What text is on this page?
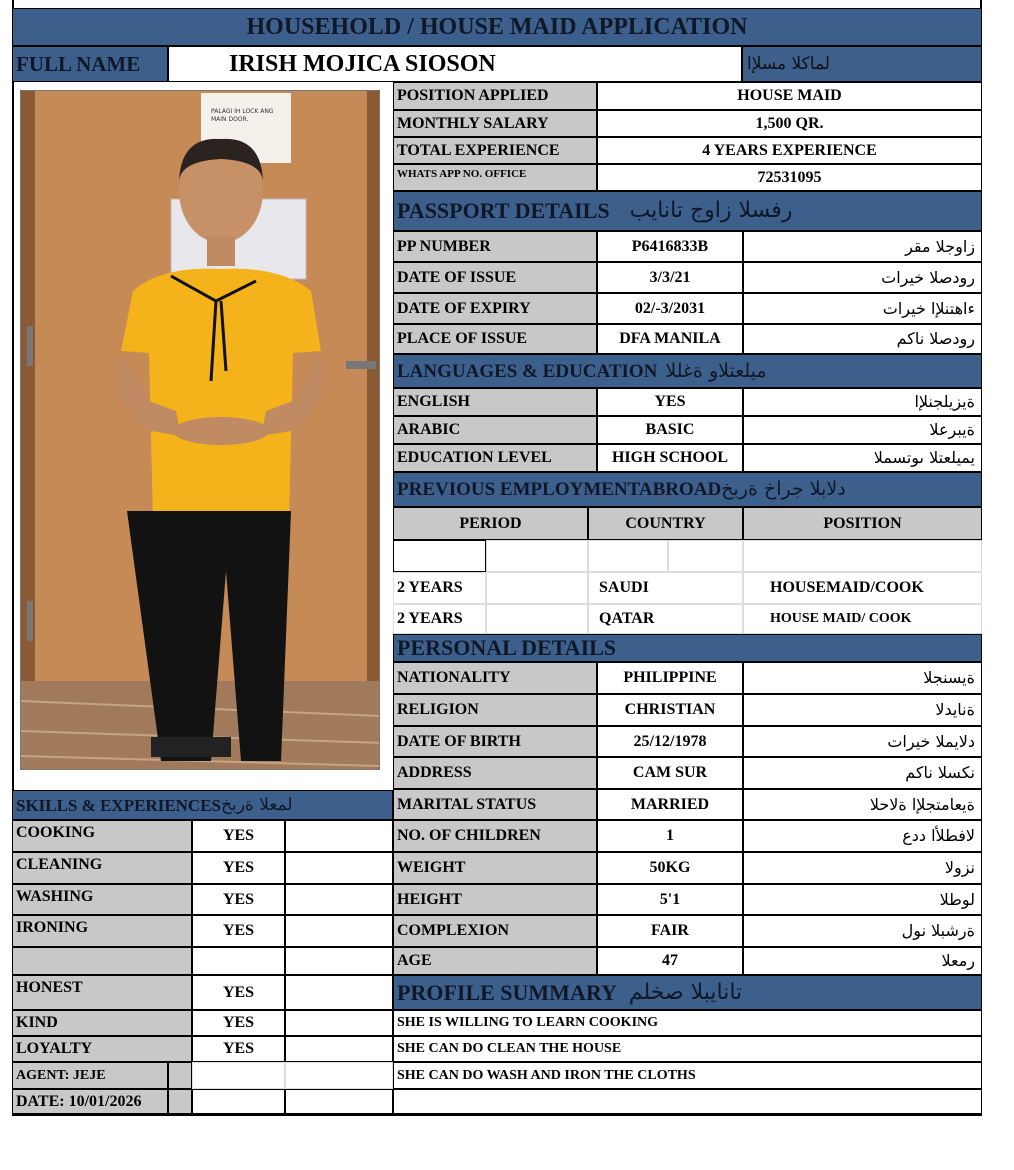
HOUSEHOLD / HOUSE MAID APPLICATION
FULL NAME	IRISH MOJICA SIOSON	لماكلا مسلإا
PALAGI IH LOCK ANG
MAIN DOOR.
POSITION APPLIED	HOUSE MAID
MONTHLY SALARY	1,500 QR.
TOTAL EXPERIENCE	4 YEARS EXPERIENCE
WHATS APP NO. OFFICE	72531095
PASSPORT DETAILS رفسلا زاوج تانايب
PP NUMBER	P6416833B	زاوجلا مقر
DATE OF ISSUE	3/3/21	رودصلا خيرات
DATE OF EXPIRY	02/-3/2031	ءاهتنلإا خيرات
PLACE OF ISSUE	DFA MANILA	رودصلا ناكم
LANGUAGES & EDUCATION ميلعتلاو ةغللا
ENGLISH	YES	ةيزيلجنلإا
ARABIC	BASIC	ةيبرعلا
EDUCATION LEVEL	HIGH SCHOOL	يميلعتلا ىوتسملا
PREVIOUS EMPLOYMENTABROAD دلابلا جراخ ةربخ
PERIOD	COUNTRY	POSITION
2 YEARS	SAUDI	HOUSEMAID/COOK
2 YEARS	QATAR	HOUSE MAID/ COOK
PERSONAL DETAILS
NATIONALITY	PHILIPPINE	ةيسنجلا
RELIGION	CHRISTIAN	ةنايدلا
DATE OF BIRTH	25/12/1978	دلايملا خيرات
ADDRESS	CAM SUR	نكسلا ناكم
MARITAL STATUS	MARRIED	ةيعامتجلإا ةلاحلا
NO. OF CHILDREN	1	لافطلأا ددع
WEIGHT	50KG	نزولا
HEIGHT	5'1	لوطلا
COMPLEXION	FAIR	ةرشبلا نول
AGE	47	رمعلا
PROFILE SUMMARY تانايبلا صخلم
SHE IS WILLING TO LEARN COOKING
SHE CAN DO CLEAN THE HOUSE
SHE CAN DO WASH AND IRON THE CLOTHS
SKILLS & EXPERIENCES لمعلا ةربخ
COOKING	YES
CLEANING	YES
WASHING	YES
IRONING	YES
HONEST	YES
KIND	YES
LOYALTY	YES
AGENT: JEJE
DATE: 10/01/2026
